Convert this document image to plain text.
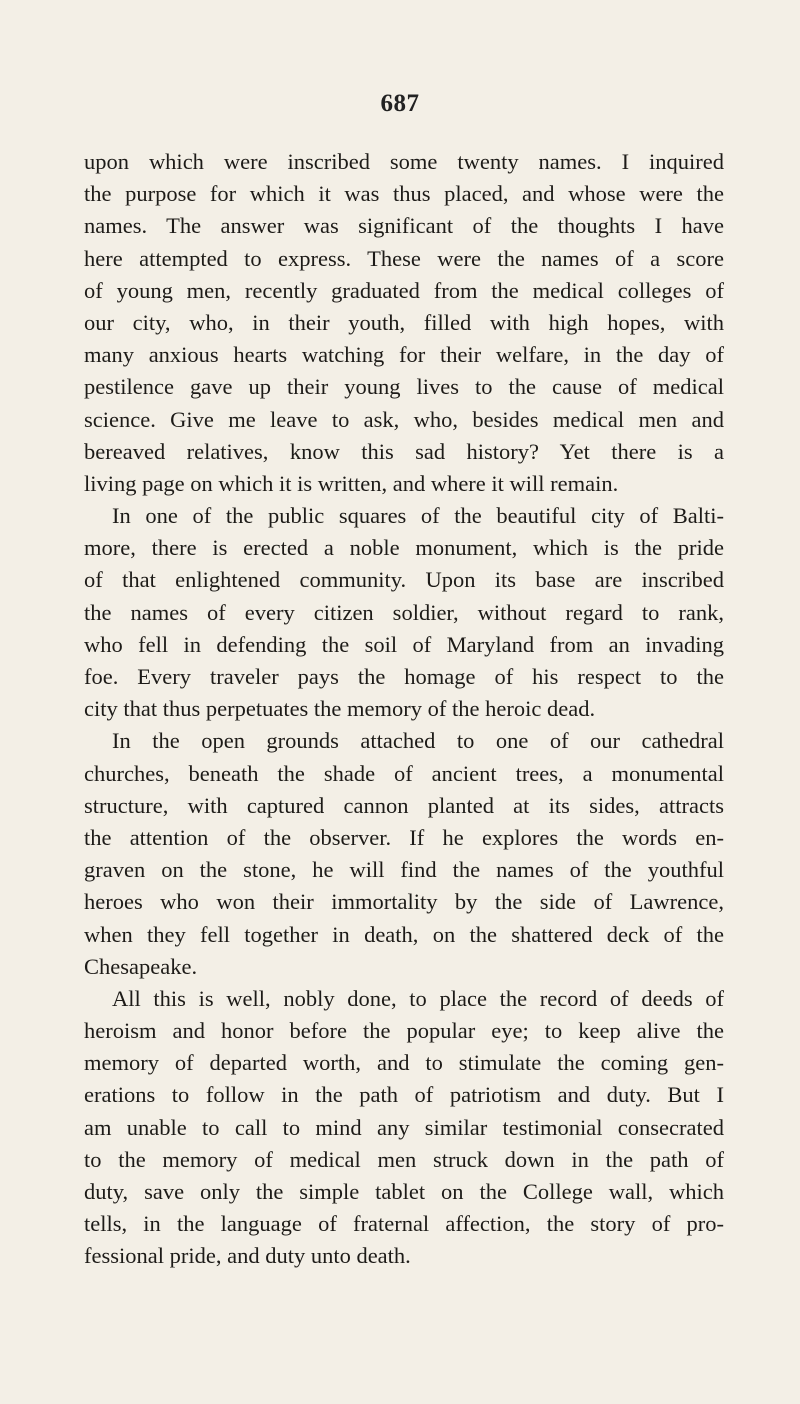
687
upon which were inscribed some twenty names. I inquired
the purpose for which it was thus placed, and whose were the
names. The answer was significant of the thoughts I have
here attempted to express. These were the names of a score
of young men, recently graduated from the medical colleges of
our city, who, in their youth, filled with high hopes, with
many anxious hearts watching for their welfare, in the day of
pestilence gave up their young lives to the cause of medical
science. Give me leave to ask, who, besides medical men and
bereaved relatives, know this sad history? Yet there is a
living page on which it is written, and where it will remain.
In one of the public squares of the beautiful city of Balti-
more, there is erected a noble monument, which is the pride
of that enlightened community. Upon its base are inscribed
the names of every citizen soldier, without regard to rank,
who fell in defending the soil of Maryland from an invading
foe. Every traveler pays the homage of his respect to the
city that thus perpetuates the memory of the heroic dead.
In the open grounds attached to one of our cathedral
churches, beneath the shade of ancient trees, a monumental
structure, with captured cannon planted at its sides, attracts
the attention of the observer. If he explores the words en-
graven on the stone, he will find the names of the youthful
heroes who won their immortality by the side of Lawrence,
when they fell together in death, on the shattered deck of the
Chesapeake.
All this is well, nobly done, to place the record of deeds of
heroism and honor before the popular eye; to keep alive the
memory of departed worth, and to stimulate the coming gen-
erations to follow in the path of patriotism and duty. But I
am unable to call to mind any similar testimonial consecrated
to the memory of medical men struck down in the path of
duty, save only the simple tablet on the College wall, which
tells, in the language of fraternal affection, the story of pro-
fessional pride, and duty unto death.
